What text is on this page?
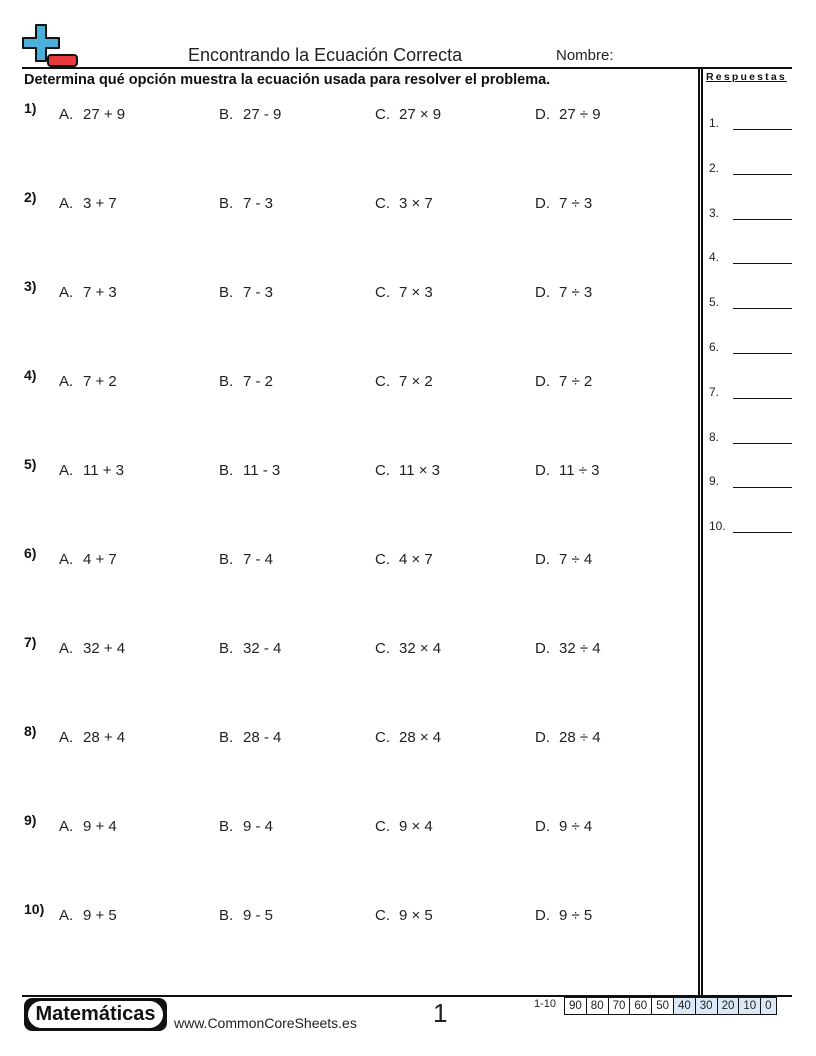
Encontrando la Ecuación Correcta	Nombre:
Determina qué opción muestra la ecuación usada para resolver el problema.	Respuestas
1.
2.
3.
4.
5.
6.
7.
8.
9.
10.
1) A. 27 + 9	B. 27 - 9	C. 27 × 9	D. 27 ÷ 9
2) A. 3 + 7	B. 7 - 3	C. 3 × 7	D. 7 ÷ 3
3) A. 7 + 3	B. 7 - 3	C. 7 × 3	D. 7 ÷ 3
4) A. 7 + 2	B. 7 - 2	C. 7 × 2	D. 7 ÷ 2
5) A. 11 + 3	B. 11 - 3	C. 11 × 3	D. 11 ÷ 3
6) A. 4 + 7	B. 7 - 4	C. 4 × 7	D. 7 ÷ 4
7) A. 32 + 4	B. 32 - 4	C. 32 × 4	D. 32 ÷ 4
8) A. 28 + 4	B. 28 - 4	C. 28 × 4	D. 28 ÷ 4
9) A. 9 + 4	B. 9 - 4	C. 9 × 4	D. 9 ÷ 4
10) A. 9 + 5	B. 9 - 5	C. 9 × 5	D. 9 ÷ 5
Matemáticas www.CommonCoreSheets.es	1	1-10	90 80 70 60 50 40 30 20 10 0
